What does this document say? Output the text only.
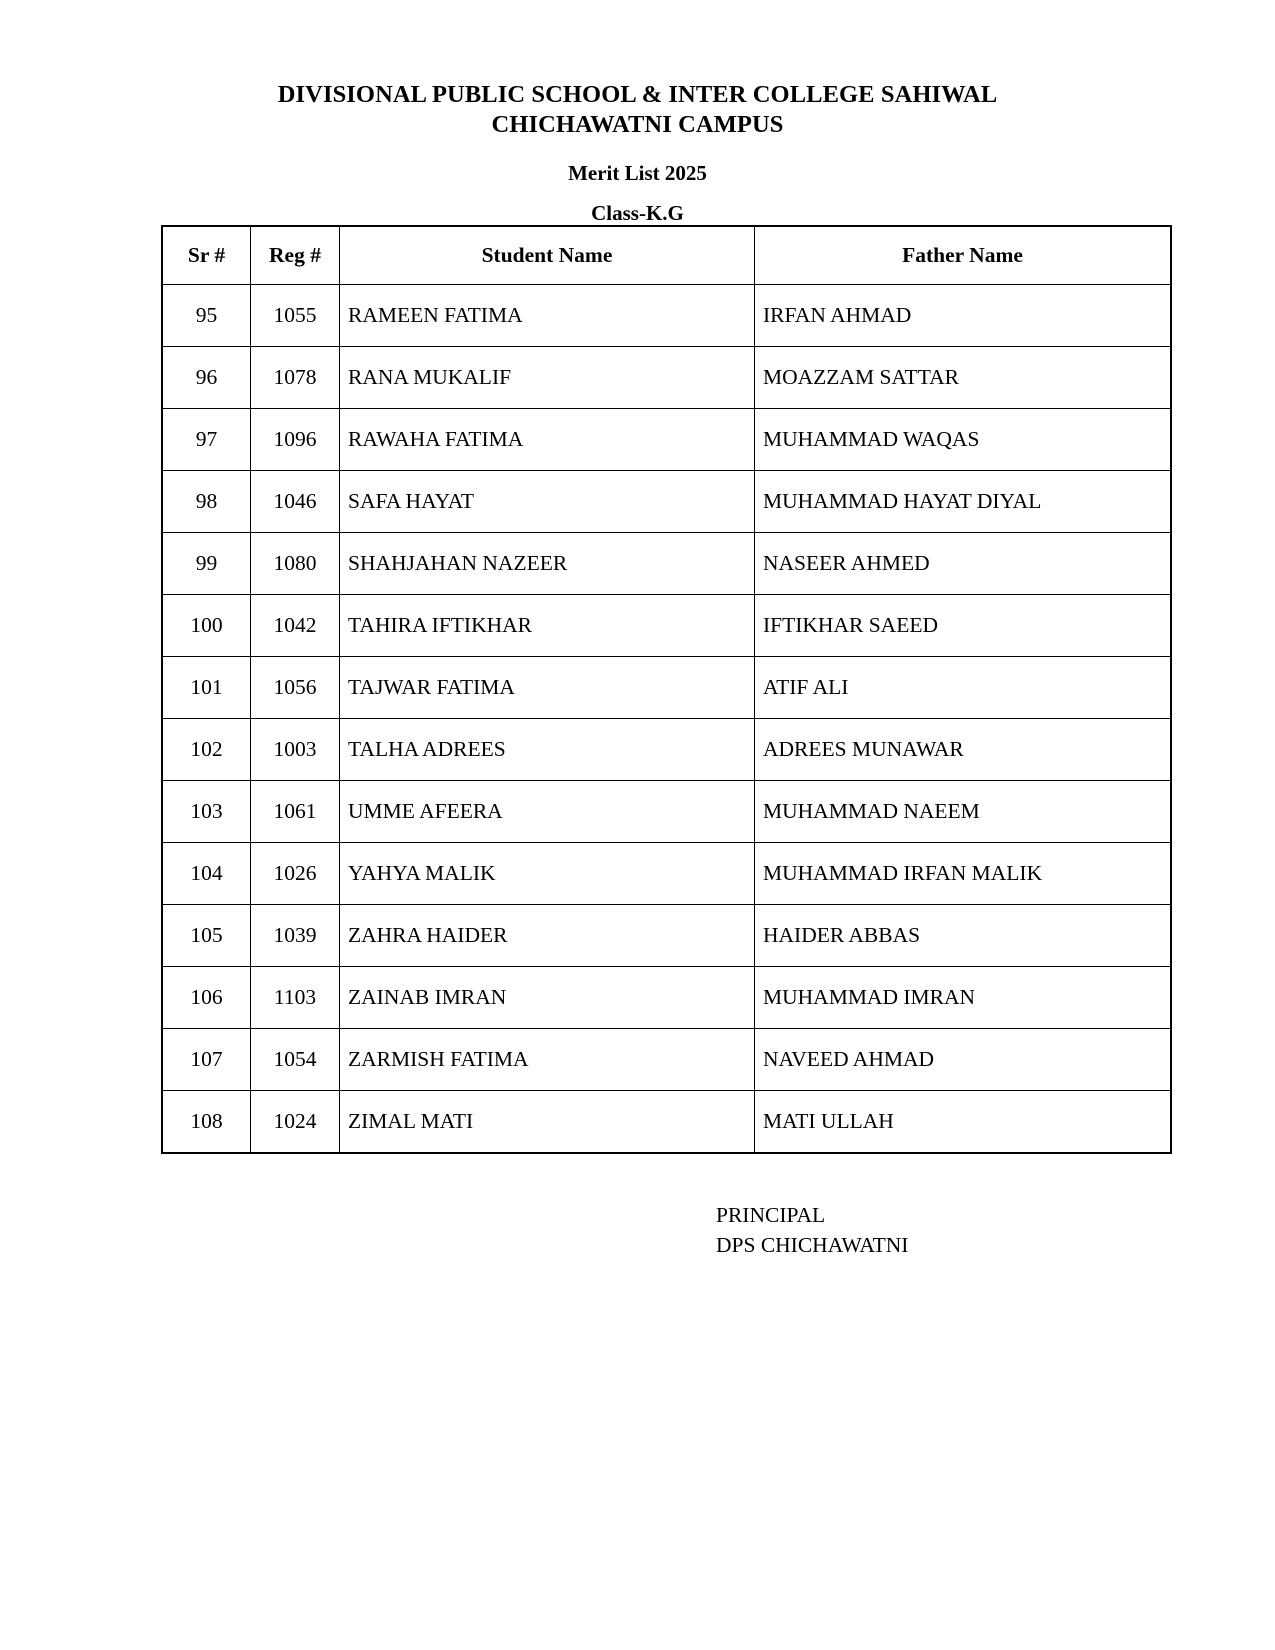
DIVISIONAL PUBLIC SCHOOL & INTER COLLEGE SAHIWAL
CHICHAWATNI CAMPUS
Merit List 2025
Class-K.G
Sr #	Reg #	Student Name	Father Name
95	1055	RAMEEN FATIMA	IRFAN AHMAD
96	1078	RANA MUKALIF	MOAZZAM SATTAR
97	1096	RAWAHA FATIMA	MUHAMMAD WAQAS
98	1046	SAFA HAYAT	MUHAMMAD HAYAT DIYAL
99	1080	SHAHJAHAN NAZEER	NASEER AHMED
100	1042	TAHIRA IFTIKHAR	IFTIKHAR SAEED
101	1056	TAJWAR FATIMA	ATIF ALI
102	1003	TALHA ADREES	ADREES MUNAWAR
103	1061	UMME AFEERA	MUHAMMAD NAEEM
104	1026	YAHYA MALIK	MUHAMMAD IRFAN MALIK
105	1039	ZAHRA HAIDER	HAIDER ABBAS
106	1103	ZAINAB IMRAN	MUHAMMAD IMRAN
107	1054	ZARMISH FATIMA	NAVEED AHMAD
108	1024	ZIMAL MATI	MATI ULLAH
PRINCIPAL
DPS CHICHAWATNI
